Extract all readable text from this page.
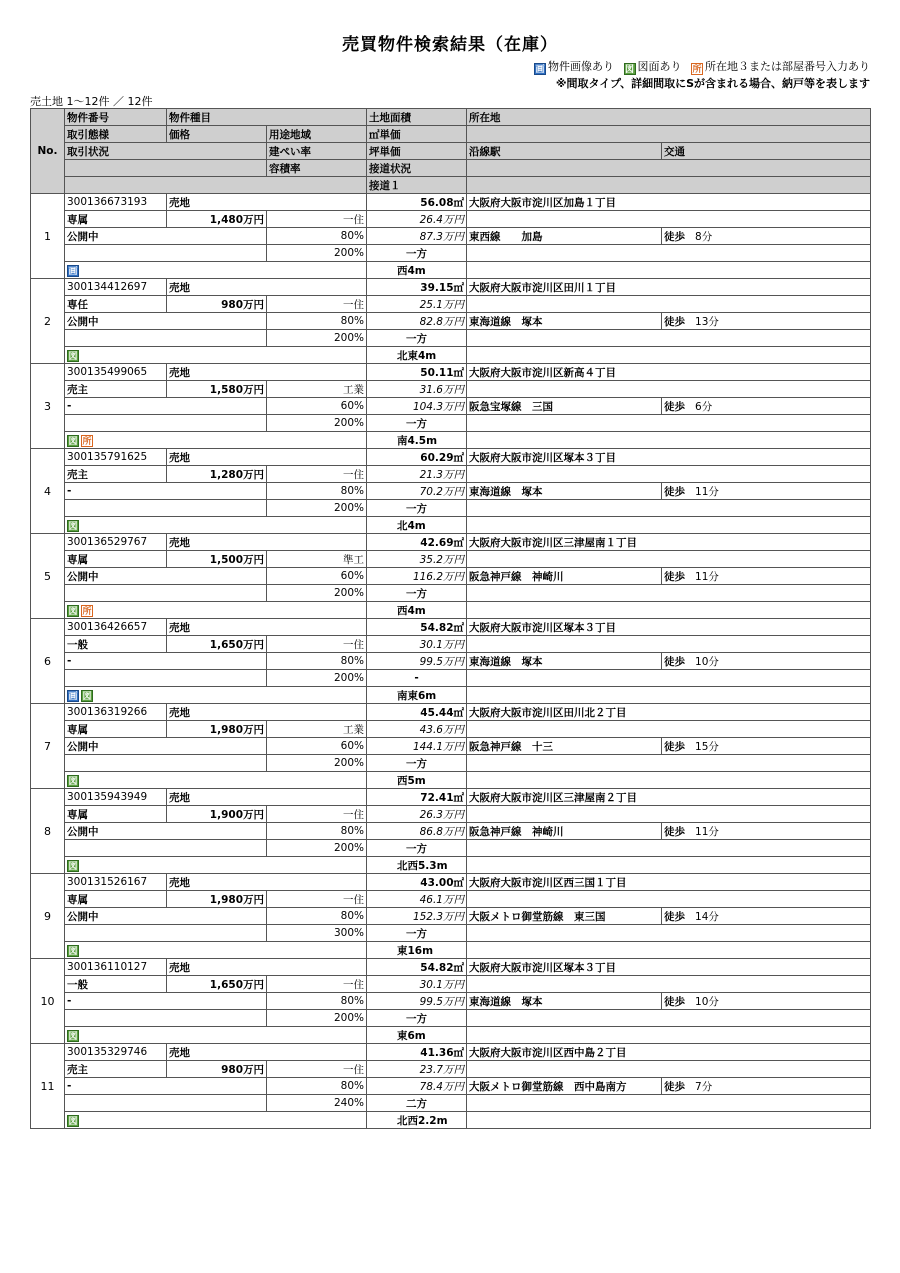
売買物件検索結果（在庫）
画 物件画像あり 図 図面あり 所 所在地３または部屋番号入力あり
※間取タイプ、詳細間取にSが含まれる場合、納戸等を表します
売土地 1〜12件 ／ 12件
No.	物件番号	物件種目		土地面積	所在地	
	取引態様	価格	用途地域	㎡単価		
	取引状況		建ぺい率	坪単価	沿線駅	交通
			容積率	接道状況		
				接道１		
1	300136673193	売地		56.08㎡	大阪府大阪市淀川区加島１丁目	
	専属	1,480万円	一住	26.4万円		
	公開中		80%	87.3万円	東西線　　加島	徒歩 8分
			200%	一方		
	画			西4m		
2	300134412697	売地		39.15㎡	大阪府大阪市淀川区田川１丁目	
	専任	980万円	一住	25.1万円		
	公開中		80%	82.8万円	東海道線　塚本	徒歩 13分
			200%	一方		
	図			北東4m		
3	300135499065	売地		50.11㎡	大阪府大阪市淀川区新高４丁目	
	売主	1,580万円	工業	31.6万円		
	-		60%	104.3万円	阪急宝塚線　三国	徒歩 6分
			200%	一方		
	図 所			南4.5m		
4	300135791625	売地		60.29㎡	大阪府大阪市淀川区塚本３丁目	
	売主	1,280万円	一住	21.3万円		
	-		80%	70.2万円	東海道線　塚本	徒歩 11分
			200%	一方		
	図			北4m		
5	300136529767	売地		42.69㎡	大阪府大阪市淀川区三津屋南１丁目	
	専属	1,500万円	準工	35.2万円		
	公開中		60%	116.2万円	阪急神戸線　神崎川	徒歩 11分
			200%	一方		
	図 所			西4m		
6	300136426657	売地		54.82㎡	大阪府大阪市淀川区塚本３丁目	
	一般	1,650万円	一住	30.1万円		
	-		80%	99.5万円	東海道線　塚本	徒歩 10分
			200%	-		
	画 図			南東6m		
7	300136319266	売地		45.44㎡	大阪府大阪市淀川区田川北２丁目	
	専属	1,980万円	工業	43.6万円		
	公開中		60%	144.1万円	阪急神戸線　十三	徒歩 15分
			200%	一方		
	図			西5m		
8	300135943949	売地		72.41㎡	大阪府大阪市淀川区三津屋南２丁目	
	専属	1,900万円	一住	26.3万円		
	公開中		80%	86.8万円	阪急神戸線　神崎川	徒歩 11分
			200%	一方		
	図			北西5.3m		
9	300131526167	売地		43.00㎡	大阪府大阪市淀川区西三国１丁目	
	専属	1,980万円	一住	46.1万円		
	公開中		80%	152.3万円	大阪メトロ御堂筋線　東三国	徒歩 14分
			300%	一方		
	図			東16m		
10	300136110127	売地		54.82㎡	大阪府大阪市淀川区塚本３丁目	
	一般	1,650万円	一住	30.1万円		
	-		80%	99.5万円	東海道線　塚本	徒歩 10分
			200%	一方		
	図			東6m		
11	300135329746	売地		41.36㎡	大阪府大阪市淀川区西中島２丁目	
	売主	980万円	一住	23.7万円		
	-		80%	78.4万円	大阪メトロ御堂筋線　西中島南方	徒歩 7分
			240%	二方		
	図			北西2.2m		
